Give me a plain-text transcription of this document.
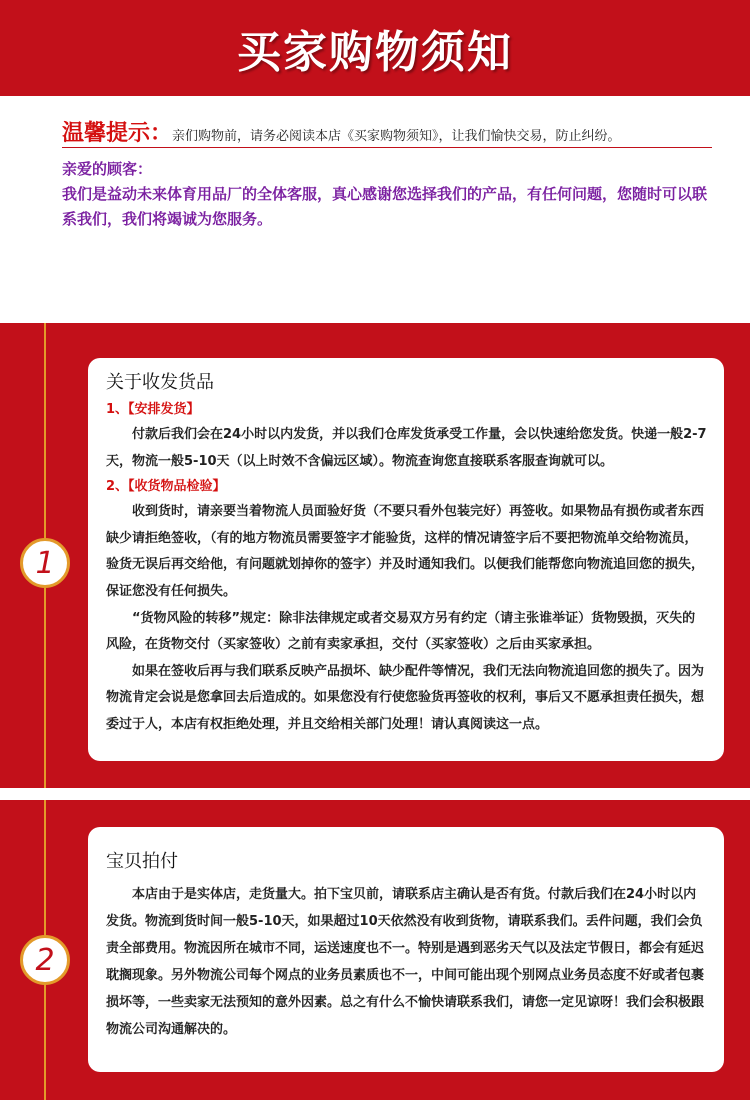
买家购物须知
温馨提示：亲们购物前，请务必阅读本店《买家购物须知》，让我们愉快交易，防止纠纷。
亲爱的顾客：
我们是益动未来体育用品厂的全体客服，真心感谢您选择我们的产品，有任何问题，您随时可以联系我们，我们将竭诚为您服务。
1
关于收发货品
1、【安排发货】

付款后我们会在24小时以内发货，并以我们仓库发货承受工作量，会以快速给您发货。快递一般2-7天，物流一般5-10天（以上时效不含偏远区域）。物流查询您直接联系客服查询就可以。

2、【收货物品检验】

收到货时，请亲要当着物流人员面验好货（不要只看外包装完好）再签收。如果物品有损伤或者东西缺少请拒绝签收，（有的地方物流员需要签字才能验货，这样的情况请签字后不要把物流单交给物流员，验货无误后再交给他，有问题就划掉你的签字）并及时通知我们。以便我们能帮您向物流追回您的损失，保证您没有任何损失。

“货物风险的转移”规定：除非法律规定或者交易双方另有约定（请主张谁举证）货物毁损，灭失的风险，在货物交付（买家签收）之前有卖家承担，交付（买家签收）之后由买家承担。

如果在签收后再与我们联系反映产品损坏、缺少配件等情况，我们无法向物流追回您的损失了。因为物流肯定会说是您拿回去后造成的。如果您没有行使您验货再签收的权利，事后又不愿承担责任损失，想委过于人，本店有权拒绝处理，并且交给相关部门处理！请认真阅读这一点。

2
宝贝拍付

本店由于是实体店，走货量大。拍下宝贝前，请联系店主确认是否有货。付款后我们在24小时以内发货。物流到货时间一般5-10天，如果超过10天依然没有收到货物，请联系我们。丢件问题，我们会负责全部费用。物流因所在城市不同，运送速度也不一。特别是遇到恶劣天气以及法定节假日，都会有延迟耽搁现象。另外物流公司每个网点的业务员素质也不一，中间可能出现个别网点业务员态度不好或者包裹损坏等，一些卖家无法预知的意外因素。总之有什么不愉快请联系我们，请您一定见谅呀！我们会积极跟物流公司沟通解决的。
